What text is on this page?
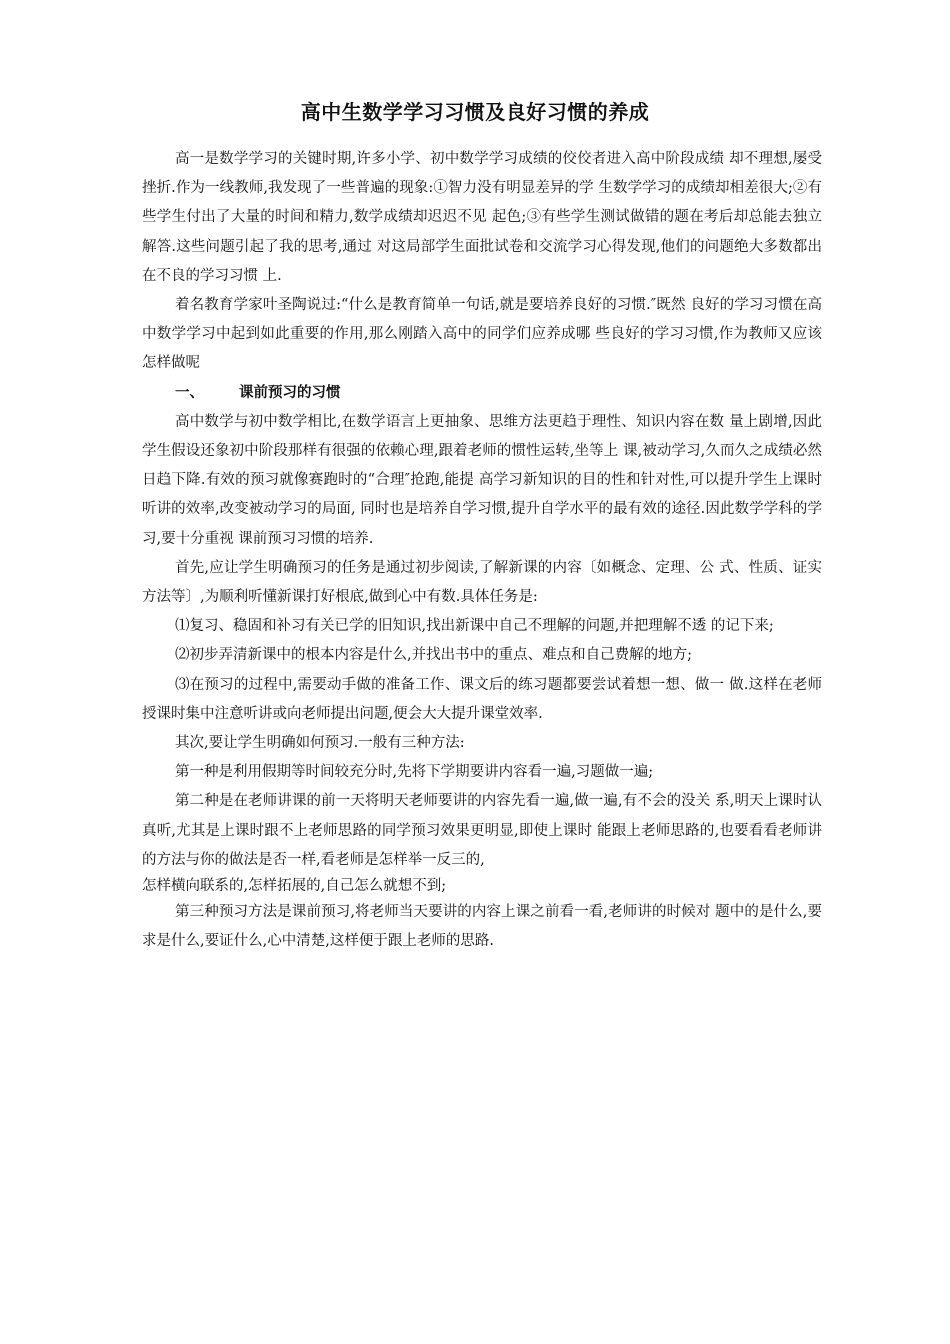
高中生数学学习习惯及良好习惯的养成

高一是数学学习的关键时期,许多小学、初中数学学习成绩的佼佼者进入高中阶段成绩 却不理想,屡受挫折.作为一线教师,我发现了一些普遍的现象:①智力没有明显差异的学 生数学学习的成绩却相差很大;②有些学生付出了大量的时间和精力,数学成绩却迟迟不见 起色;③有些学生测试做错的题在考后却总能去独立解答.这些问题引起了我的思考,通过 对这局部学生面批试卷和交流学习心得发现,他们的问题绝大多数都出在不良的学习习惯 上.

着名教育学家叶圣陶说过:“什么是教育简单一句话,就是要培养良好的习惯.″既然 良好的学习习惯在高中数学学习中起到如此重要的作用,那么刚踏入高中的同学们应养成哪 些良好的学习习惯,作为教师又应该怎样做呢

一、 课前预习的习惯

高中数学与初中数学相比,在数学语言上更抽象、思维方法更趋于理性、知识内容在数 量上剧增,因此学生假设还象初中阶段那样有很强的依赖心理,跟着老师的惯性运转,坐等上 课,被动学习,久而久之成绩必然日趋下降.有效的预习就像赛跑时的“合理″抢跑,能提 高学习新知识的目的性和针对性,可以提升学生上课时听讲的效率,改变被动学习的局面, 同时也是培养自学习惯,提升自学水平的最有效的途径.因此数学学科的学习,要十分重视 课前预习习惯的培养.

首先,应让学生明确预习的任务是通过初步阅读,了解新课的内容〔如概念、定理、公 式、性质、证实方法等〕,为顺利听懂新课打好根底,做到心中有数.具体任务是:

⑴复习、稳固和补习有关已学的旧知识,找出新课中自己不理解的问题,并把理解不透 的记下来;

⑵初步弄清新课中的根本内容是什么,并找出书中的重点、难点和自己费解的地方;

⑶在预习的过程中,需要动手做的准备工作、课文后的练习题都要尝试着想一想、做一 做.这样在老师授课时集中注意听讲或向老师提出问题,便会大大提升课堂效率.

其次,要让学生明确如何预习.一般有三种方法:

第一种是利用假期等时间较充分时,先将下学期要讲内容看一遍,习题做一遍;

第二种是在老师讲课的前一天将明天老师要讲的内容先看一遍,做一遍,有不会的没关 系,明天上课时认真听,尤其是上课时跟不上老师思路的同学预习效果更明显,即使上课时 能跟上老师思路的,也要看看老师讲的方法与你的做法是否一样,看老师是怎样举一反三的,

怎样横向联系的,怎样拓展的,自己怎么就想不到;

第三种预习方法是课前预习,将老师当天要讲的内容上课之前看一看,老师讲的时候对 题中的是什么,要求是什么,要证什么,心中清楚,这样便于跟上老师的思路.
